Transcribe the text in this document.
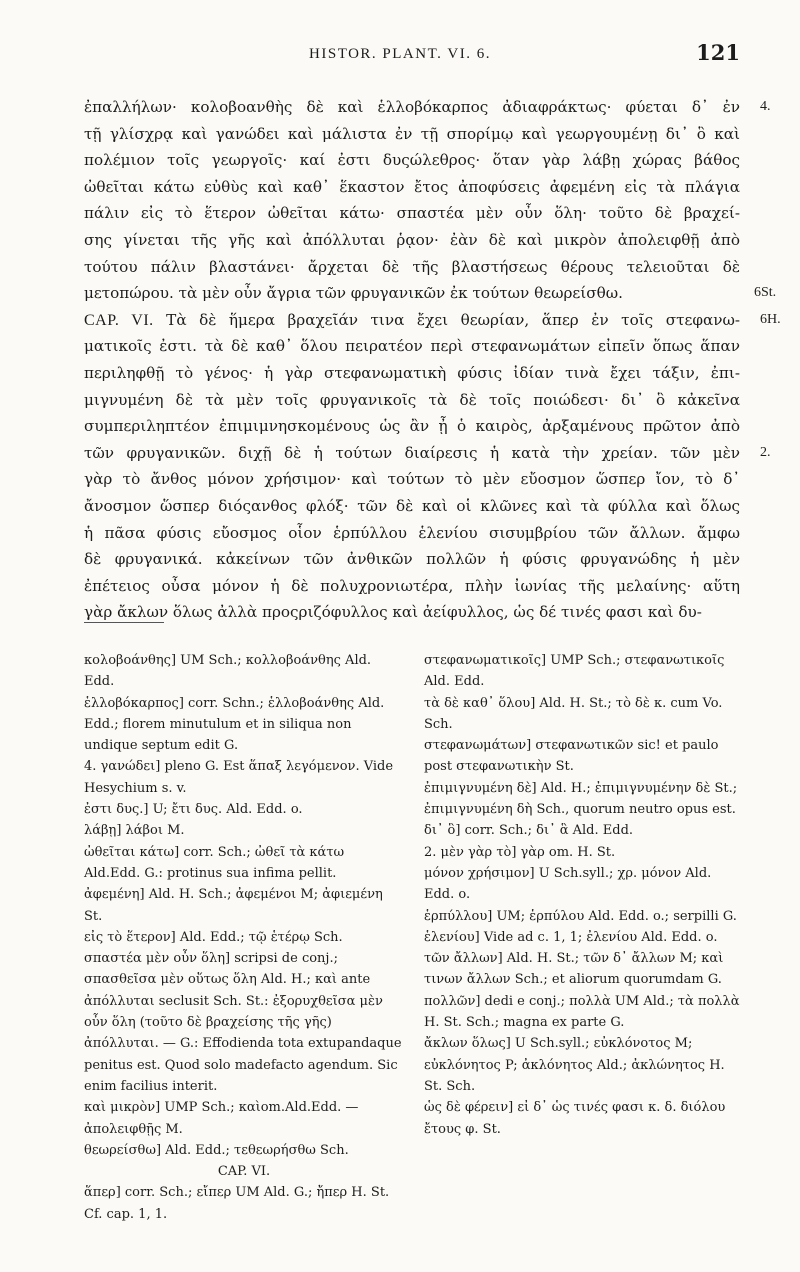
HISTOR. PLANT. VI. 6.	121
ἐπαλλήλων· κολοβοανθὴς δὲ καὶ ἑλλοβόκαρπος ἀδιαφράκτως· φύεται δ᾽ ἐν
τῇ γλίσχρᾳ καὶ γανώδει καὶ μάλιστα ἐν τῇ σπορίμῳ καὶ γεωργουμένῃ δι᾽ ὃ καὶ
πολέμιον τοῖς γεωργοῖς· καί ἐστι δυςώλεθρος· ὅταν γὰρ λάβῃ χώρας βάθος
ὠθεῖται κάτω εὐθὺς καὶ καθ᾽ ἕκαστον ἔτος ἀποφύσεις ἀφεμένη εἰς τὰ πλάγια
πάλιν εἰς τὸ ἕτερον ὠθεῖται κάτω· σπαστέα μὲν οὖν ὅλη· τοῦτο δὲ βραχεί-
σης γίνεται τῆς γῆς καὶ ἀπόλλυται ῥᾳον· ἐὰν δὲ καὶ μικρὸν ἀπολειφθῇ ἀπὸ
τούτου πάλιν βλαστάνει· ἄρχεται δὲ τῆς βλαστήσεως θέρους τελειοῦται δὲ
μετοπώρου. τὰ μὲν οὖν ἄγρια τῶν φρυγανικῶν ἐκ τούτων θεωρείσθω.
CAP. VI. Τὰ δὲ ἥμερα βραχεῖάν τινα ἔχει θεωρίαν, ἅπερ ἐν τοῖς στεφανω-
ματικοῖς ἐστι. τὰ δὲ καθ᾽ ὅλου πειρατέον περὶ στεφανωμάτων εἰπεῖν ὅπως ἅπαν
περιληφθῇ τὸ γένος· ἡ γὰρ στεφανωματικὴ φύσις ἰδίαν τινὰ ἔχει τάξιν, ἐπι-
μιγνυμένη δὲ τὰ μὲν τοῖς φρυγανικοῖς τὰ δὲ τοῖς ποιώδεσι· δι᾽ ὃ κἀκεῖνα
συμπεριληπτέον ἐπιμιμνησκομένους ὡς ἂν ᾖ ὁ καιρὸς, ἀρξαμένους πρῶτον ἀπὸ
τῶν φρυγανικῶν. διχῇ δὲ ἡ τούτων διαίρεσις ἡ κατὰ τὴν χρείαν. τῶν μὲν
γὰρ τὸ ἄνθος μόνον χρήσιμον· καὶ τούτων τὸ μὲν εὔοσμον ὥσπερ ἴον, τὸ δ᾽
ἄνοσμον ὥσπερ διόςανθος φλόξ· τῶν δὲ καὶ οἱ κλῶνες καὶ τὰ φύλλα καὶ ὅλως
ἡ πᾶσα φύσις εὔοσμος οἷον ἑρπύλλου ἑλενίου σισυμβρίου τῶν ἄλλων. ἄμφω
δὲ φρυγανικά. κἀκείνων τῶν ἀνθικῶν πολλῶν ἡ φύσις φρυγανώδης ἡ μὲν
ἐπέτειος οὖσα μόνον ἡ δὲ πολυχρονιωτέρα, πλὴν ἰωνίας τῆς μελαίνης· αὕτη
γὰρ ἄκλων ὅλως ἀλλὰ προςριζόφυλλος καὶ ἀείφυλλος, ὡς δέ τινές φασι καὶ δυ-
4.
6St.
6H.
2.

κολοβοάνθης] UM Sch.; κολλοβοάνθης Ald. Edd.

ἑλλοβόκαρπος] corr. Schn.; ἑλλοβοάνθης Ald. Edd.; florem minutulum et in siliqua non undique septum edit G.

4. γανώδει] pleno G. Est ἅπαξ λεγόμενον. Vide Hesychium s. v.

ἐστι δυς.] U; ἔτι δυς. Ald. Edd. o.

λάβῃ] λάβοι M.

ὠθεῖται κάτω] corr. Sch.; ὠθεῖ τὰ κάτω Ald.Edd. G.: protinus sua infima pellit.

ἀφεμένη] Ald. H. Sch.; ἀφεμένοι M; ἀφιεμένη St.

εἰς τὸ ἕτερον] Ald. Edd.; τῷ ἑτέρῳ Sch.

σπαστέα μὲν οὖν ὅλη] scripsi de conj.; σπασθεῖσα μὲν οὕτως ὅλη Ald. H.; καὶ ante ἀπόλλυται seclusit Sch. St.: ἐξορυχθεῖσα μὲν οὖν ὅλη (τοῦτο δὲ βραχείσης τῆς γῆς) ἀπόλλυται. — G.: Effodienda tota extupandaque penitus est. Quod solo madefacto agendum. Sic enim facilius interit.

καὶ μικρὸν] UMP Sch.; καὶom.Ald.Edd. — ἀπολειφθῇς M.

θεωρείσθω] Ald. Edd.; τεθεωρήσθω Sch.

CAP. VI.

ἅπερ] corr. Sch.; εἴπερ UM Ald. G.; ἤπερ H. St. Cf. cap. 1, 1.

στεφανωματικοῖς] UMP Sch.; στεφανωτικοῖς Ald. Edd.

τὰ δὲ καθ᾽ ὅλου] Ald. H. St.; τὸ δὲ κ. cum Vo. Sch.

στεφανωμάτων] στεφανωτικῶν sic! et paulo post στεφανωτικὴν St.

ἐπιμιγνυμένη δὲ] Ald. H.; ἐπιμιγνυμένην δὲ St.; ἐπιμιγνυμένη δὴ Sch., quorum neutro opus est.

δι᾽ ὃ] corr. Sch.; δι᾽ ἃ Ald. Edd.

2. μὲν γὰρ τὸ] γὰρ om. H. St.

μόνον χρήσιμον] U Sch.syll.; χρ. μόνον Ald. Edd. o.

ἑρπύλλου] UM; ἑρπύλου Ald. Edd. o.; serpilli G.

ἑλενίου] Vide ad c. 1, 1; ἐλενίου Ald. Edd. o.

τῶν ἄλλων] Ald. H. St.; τῶν δ᾽ ἄλλων M; καὶ τινων ἄλλων Sch.; et aliorum quorumdam G.

πολλῶν] dedi e conj.; πολλὰ UM Ald.; τὰ πολλὰ H. St. Sch.; magna ex parte G.

ἄκλων ὅλως] U Sch.syll.; εὐκλόνοτος M; εὐκλόνητος P; ἀκλόνητος Ald.; ἀκλώνητος H. St. Sch.

ὡς δὲ φέρειν] εἰ δ᾽ ὡς τινές φασι κ. δ. διόλου ἔτους φ. St.
